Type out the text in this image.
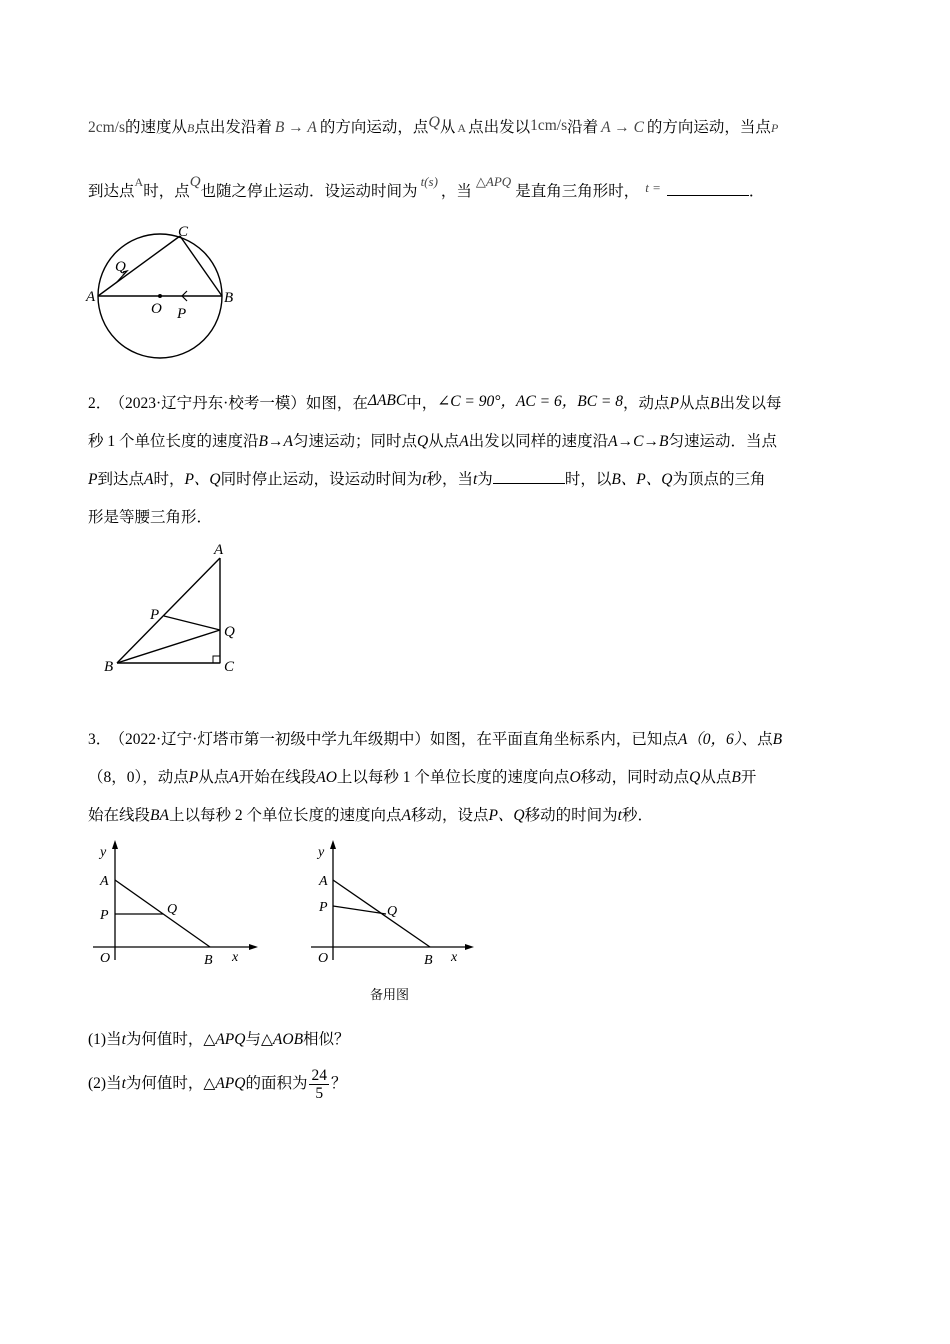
2cm/s的速度从B点出发沿着 B → A 的方向运动，点Q从 A 点出发以1cm/s沿着 A → C 的方向运动，当点P
到达点$^A$时，点Q也随之停止运动．设运动时间为$^{t(s)}$，当$^{\triangle APQ}$是直角三角形时， $^{t =}$	．
A	B
C
O P
Q
2． （2023·辽宁丹东·校考一模）如图，在ΔABC中，∠C = 90°，AC = 6，BC = 8，动点P从点B出发以每
秒 1 个单位长度的速度沿B→A匀速运动；同时点Q从点A出发以同样的速度沿A→C→B匀速运动．当点
P到达点A时，P、Q同时停止运动，设运动时间为t秒，当t为	时，以B、P、Q为顶点的三角
形是等腰三角形．
A
B	C
P
Q
3． （2022·辽宁·灯塔市第一初级中学九年级期中）如图，在平面直角坐标系内，已知点A（0，6）、点B
（8，0），动点P从点A开始在线段AO上以每秒 1 个单位长度的速度向点O移动，同时动点Q从点B开
始在线段BA上以每秒 2 个单位长度的速度向点A移动，设点P、Q移动的时间为t秒．
y
A
P	Q
O	B x
y
A
P	Q
O	B x
备用图
(1)当t为何值时，△APQ与△AOB相似？
(2)当t为何值时，△APQ的面积为 $\frac{24}{5}$ ？
